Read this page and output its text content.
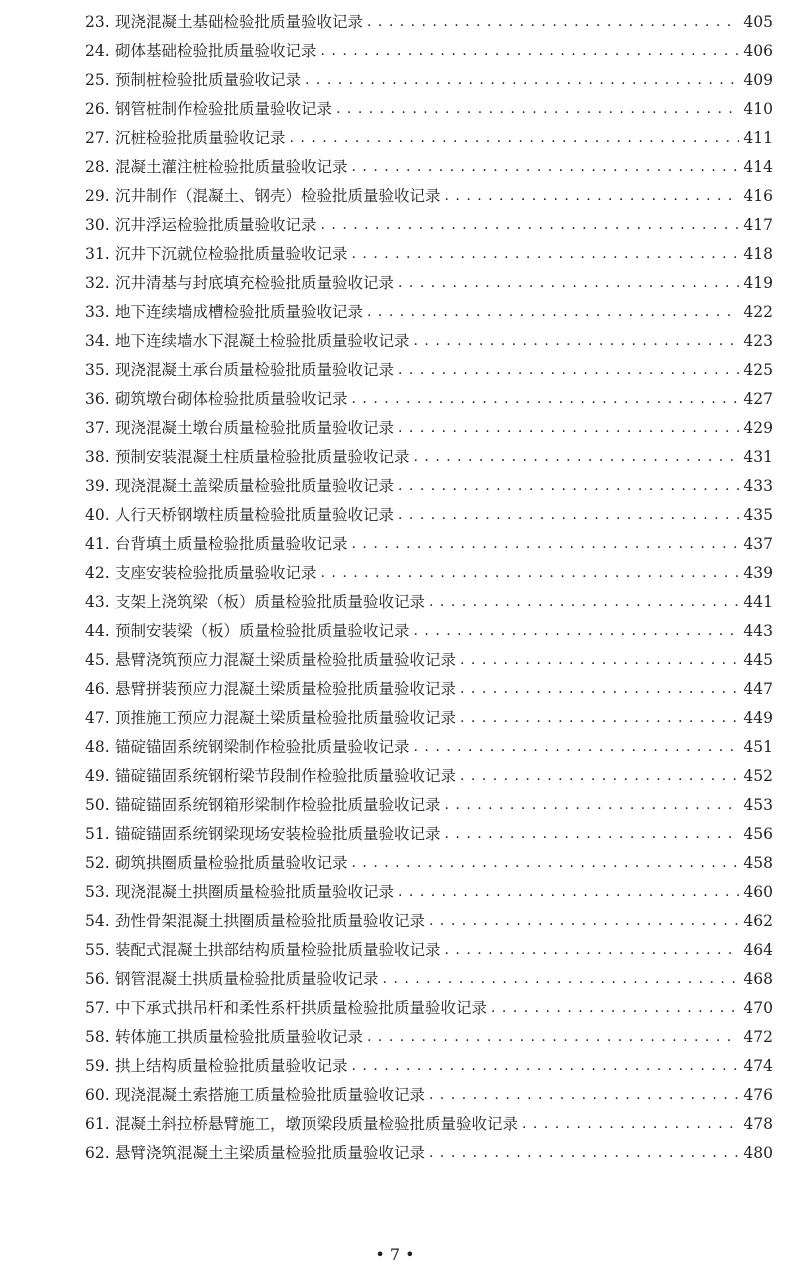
23. 现浇混凝土基础检验批质量验收记录 . . .	405
24. 砌体基础检验批质量验收记录 . . .	406
25. 预制桩检验批质量验收记录 . . .	409
26. 钢管桩制作检验批质量验收记录 . . .	410
27. 沉桩检验批质量验收记录 . . .	411
28. 混凝土灌注桩检验批质量验收记录 . . .	414
29. 沉井制作（混凝土、钢壳）检验批质量验收记录 . . .	416
30. 沉井浮运检验批质量验收记录 . . .	417
31. 沉井下沉就位检验批质量验收记录 . . .	418
32. 沉井清基与封底填充检验批质量验收记录 . . .	419
33. 地下连续墙成槽检验批质量验收记录 . . .	422
34. 地下连续墙水下混凝土检验批质量验收记录 . . .	423
35. 现浇混凝土承台质量检验批质量验收记录 . . .	425
36. 砌筑墩台砌体检验批质量验收记录 . . .	427
37. 现浇混凝土墩台质量检验批质量验收记录 . . .	429
38. 预制安装混凝土柱质量检验批质量验收记录 . . .	431
39. 现浇混凝土盖梁质量检验批质量验收记录 . . .	433
40. 人行天桥钢墩柱质量检验批质量验收记录 . . .	435
41. 台背填土质量检验批质量验收记录 . . .	437
42. 支座安装检验批质量验收记录 . . .	439
43. 支架上浇筑梁（板）质量检验批质量验收记录 . . .	441
44. 预制安装梁（板）质量检验批质量验收记录 . . .	443
45. 悬臂浇筑预应力混凝土梁质量检验批质量验收记录 . . .	445
46. 悬臂拼装预应力混凝土梁质量检验批质量验收记录 . . .	447
47. 顶推施工预应力混凝土梁质量检验批质量验收记录 . . .	449
48. 锚碇锚固系统钢梁制作检验批质量验收记录 . . .	451
49. 锚碇锚固系统钢桁梁节段制作检验批质量验收记录 . . .	452
50. 锚碇锚固系统钢箱形梁制作检验批质量验收记录 . . .	453
51. 锚碇锚固系统钢梁现场安装检验批质量验收记录 . . .	456
52. 砌筑拱圈质量检验批质量验收记录 . . .	458
53. 现浇混凝土拱圈质量检验批质量验收记录 . . .	460
54. 劲性骨架混凝土拱圈质量检验批质量验收记录 . . .	462
55. 装配式混凝土拱部结构质量检验批质量验收记录 . . .	464
56. 钢管混凝土拱质量检验批质量验收记录 . . .	468
57. 中下承式拱吊杆和柔性系杆拱质量检验批质量验收记录 . . .	470
58. 转体施工拱质量检验批质量验收记录 . . .	472
59. 拱上结构质量检验批质量验收记录 . . .	474
60. 现浇混凝土索搭施工质量检验批质量验收记录 . . .	476
61. 混凝土斜拉桥悬臂施工，墩顶梁段质量检验批质量验收记录 . . .	478
62. 悬臂浇筑混凝土主梁质量检验批质量验收记录 . . .	480
• 7 •
